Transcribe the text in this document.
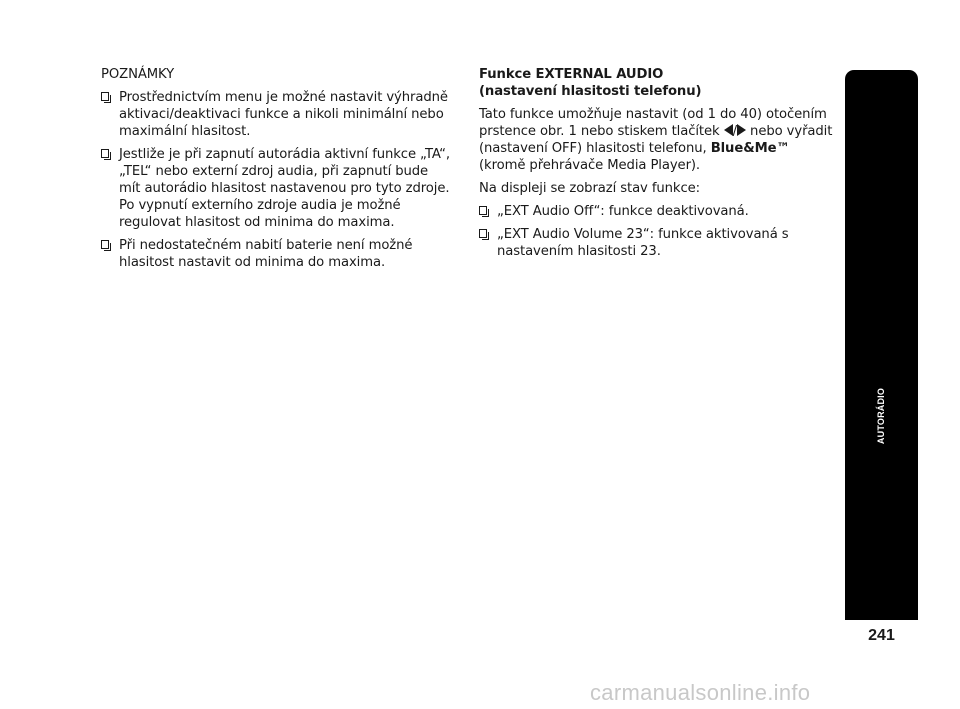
POZNÁMKY

Prostřednictvím menu je možné nastavit výhradně aktivaci/deaktivaci funkce a nikoli minimální nebo maximální hlasitost.
Jestliže je při zapnutí autorádia aktivní funkce „TA“, „TEL“ nebo externí zdroj audia, při zapnutí bude mít autorádio hlasitost nastavenou pro tyto zdroje. Po vypnutí externího zdroje audia je možné regulovat hlasitost od minima do maxima.
Při nedostatečném nabití baterie není možné hlasitost nastavit od minima do maxima.
Funkce EXTERNAL AUDIO
(nastavení hlasitosti telefonu)

Tato funkce umožňuje nastavit (od 1 do 40) otočením prstence obr. 1 nebo stiskem tlačítek / nebo vyřadit (nastavení OFF) hlasitosti telefonu, Blue&Me™ (kromě přehrávače Media Player).

Na displeji se zobrazí stav funkce:

„EXT Audio Off“: funkce deaktivovaná.
„EXT Audio Volume 23“: funkce aktivovaná s nastavením hlasitosti 23.
AUTORÁDIO
241
carmanualsonline.info
